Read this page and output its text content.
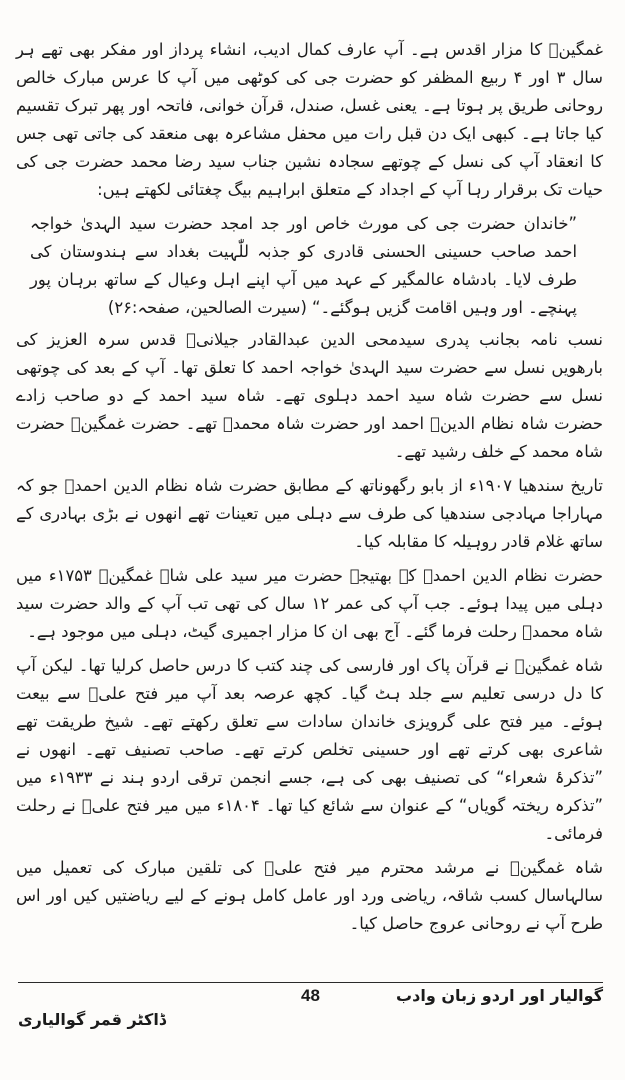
غمگینؒ کا مزار اقدس ہے۔ آپ عارف کمال ادیب، انشاء پرداز اور مفکر بھی تھے ہر سال ۳ اور ۴ ربیع المظفر کو حضرت جی کی کوٹھی میں آپ کا عرس مبارک خالص روحانی طریق پر ہوتا ہے۔ یعنی غسل، صندل، قرآن خوانی، فاتحہ اور پھر تبرک تقسیم کیا جاتا ہے۔ کبھی ایک دن قبل رات میں محفل مشاعرہ بھی منعقد کی جاتی تھی جس کا انعقاد آپ کی نسل کے چوتھے سجادہ نشین جناب سید رضا محمد حضرت جی کی حیات تک برقرار رہا آپ کے اجداد کے متعلق ابراہیم بیگ چغتائی لکھتے ہیں:

”خاندان حضرت جی کی مورث خاص اور جد امجد حضرت سید الہدیٰ خواجہ احمد صاحب حسینی الحسنی قادری کو جذبہ للّٰہیت بغداد سے ہندوستان کی طرف لایا۔ بادشاہ عالمگیر کے عہد میں آپ اپنے اہل وعیال کے ساتھ برہان پور پہنچے۔ اور وہیں اقامت گزیں ہوگئے۔“ (سیرت الصالحین، صفحہ:۲۶)

نسب نامہ بجانب پدری سیدمحی الدین عبدالقادر جیلانیؒ قدس سرہ العزیز کی بارھویں نسل سے حضرت سید الہدیٰ خواجہ احمد کا تعلق تھا۔ آپ کے بعد کی چوتھی نسل سے حضرت شاہ سید احمد دہلوی تھے۔ شاہ سید احمد کے دو صاحب زادے حضرت شاہ نظام الدینؒ احمد اور حضرت شاہ محمدؒ تھے۔ حضرت غمگینؒ حضرت شاہ محمد کے خلف رشید تھے۔

تاریخ سندھیا ۱۹۰۷ء از بابو رگھوناتھ کے مطابق حضرت شاہ نظام الدین احمدؒ جو کہ مہاراجا مہادجی سندھیا کی طرف سے دہلی میں تعینات تھے انھوں نے بڑی بہادری کے ساتھ غلام قادر روہیلہ کا مقابلہ کیا۔

حضرت نظام الدین احمدؒ کے بھتیجے حضرت میر سید علی شاہ غمگینؒ ۱۷۵۳ء میں دہلی میں پیدا ہوئے۔ جب آپ کی عمر ۱۲ سال کی تھی تب آپ کے والد حضرت سید شاہ محمدؒ رحلت فرما گئے۔ آج بھی ان کا مزار اجمیری گیٹ، دہلی میں موجود ہے۔

شاہ غمگینؒ نے قرآن پاک اور فارسی کی چند کتب کا درس حاصل کرلیا تھا۔ لیکن آپ کا دل درسی تعلیم سے جلد ہٹ گیا۔ کچھ عرصہ بعد آپ میر فتح علیؒ سے بیعت ہوئے۔ میر فتح علی گرویزی خاندان سادات سے تعلق رکھتے تھے۔ شیخ طریقت تھے شاعری بھی کرتے تھے اور حسینی تخلص کرتے تھے۔ صاحب تصنیف تھے۔ انھوں نے ”تذکرۂ شعراء“ کی تصنیف بھی کی ہے، جسے انجمن ترقی اردو ہند نے ۱۹۳۳ء میں ”تذکرہ ریختہ گویاں“ کے عنوان سے شائع کیا تھا۔ ۱۸۰۴ء میں میر فتح علیؒ نے رحلت فرمائی۔

شاہ غمگینؒ نے مرشد محترم میر فتح علیؒ کی تلقین مبارک کی تعمیل میں سالہاسال کسب شاقہ، ریاضی ورد اور عامل کامل ہونے کے لیے ریاضتیں کیں اور اس طرح آپ نے روحانی عروج حاصل کیا۔

گوالیار اور اردو زبان وادب
48
ڈاکٹر قمر گوالیاری
